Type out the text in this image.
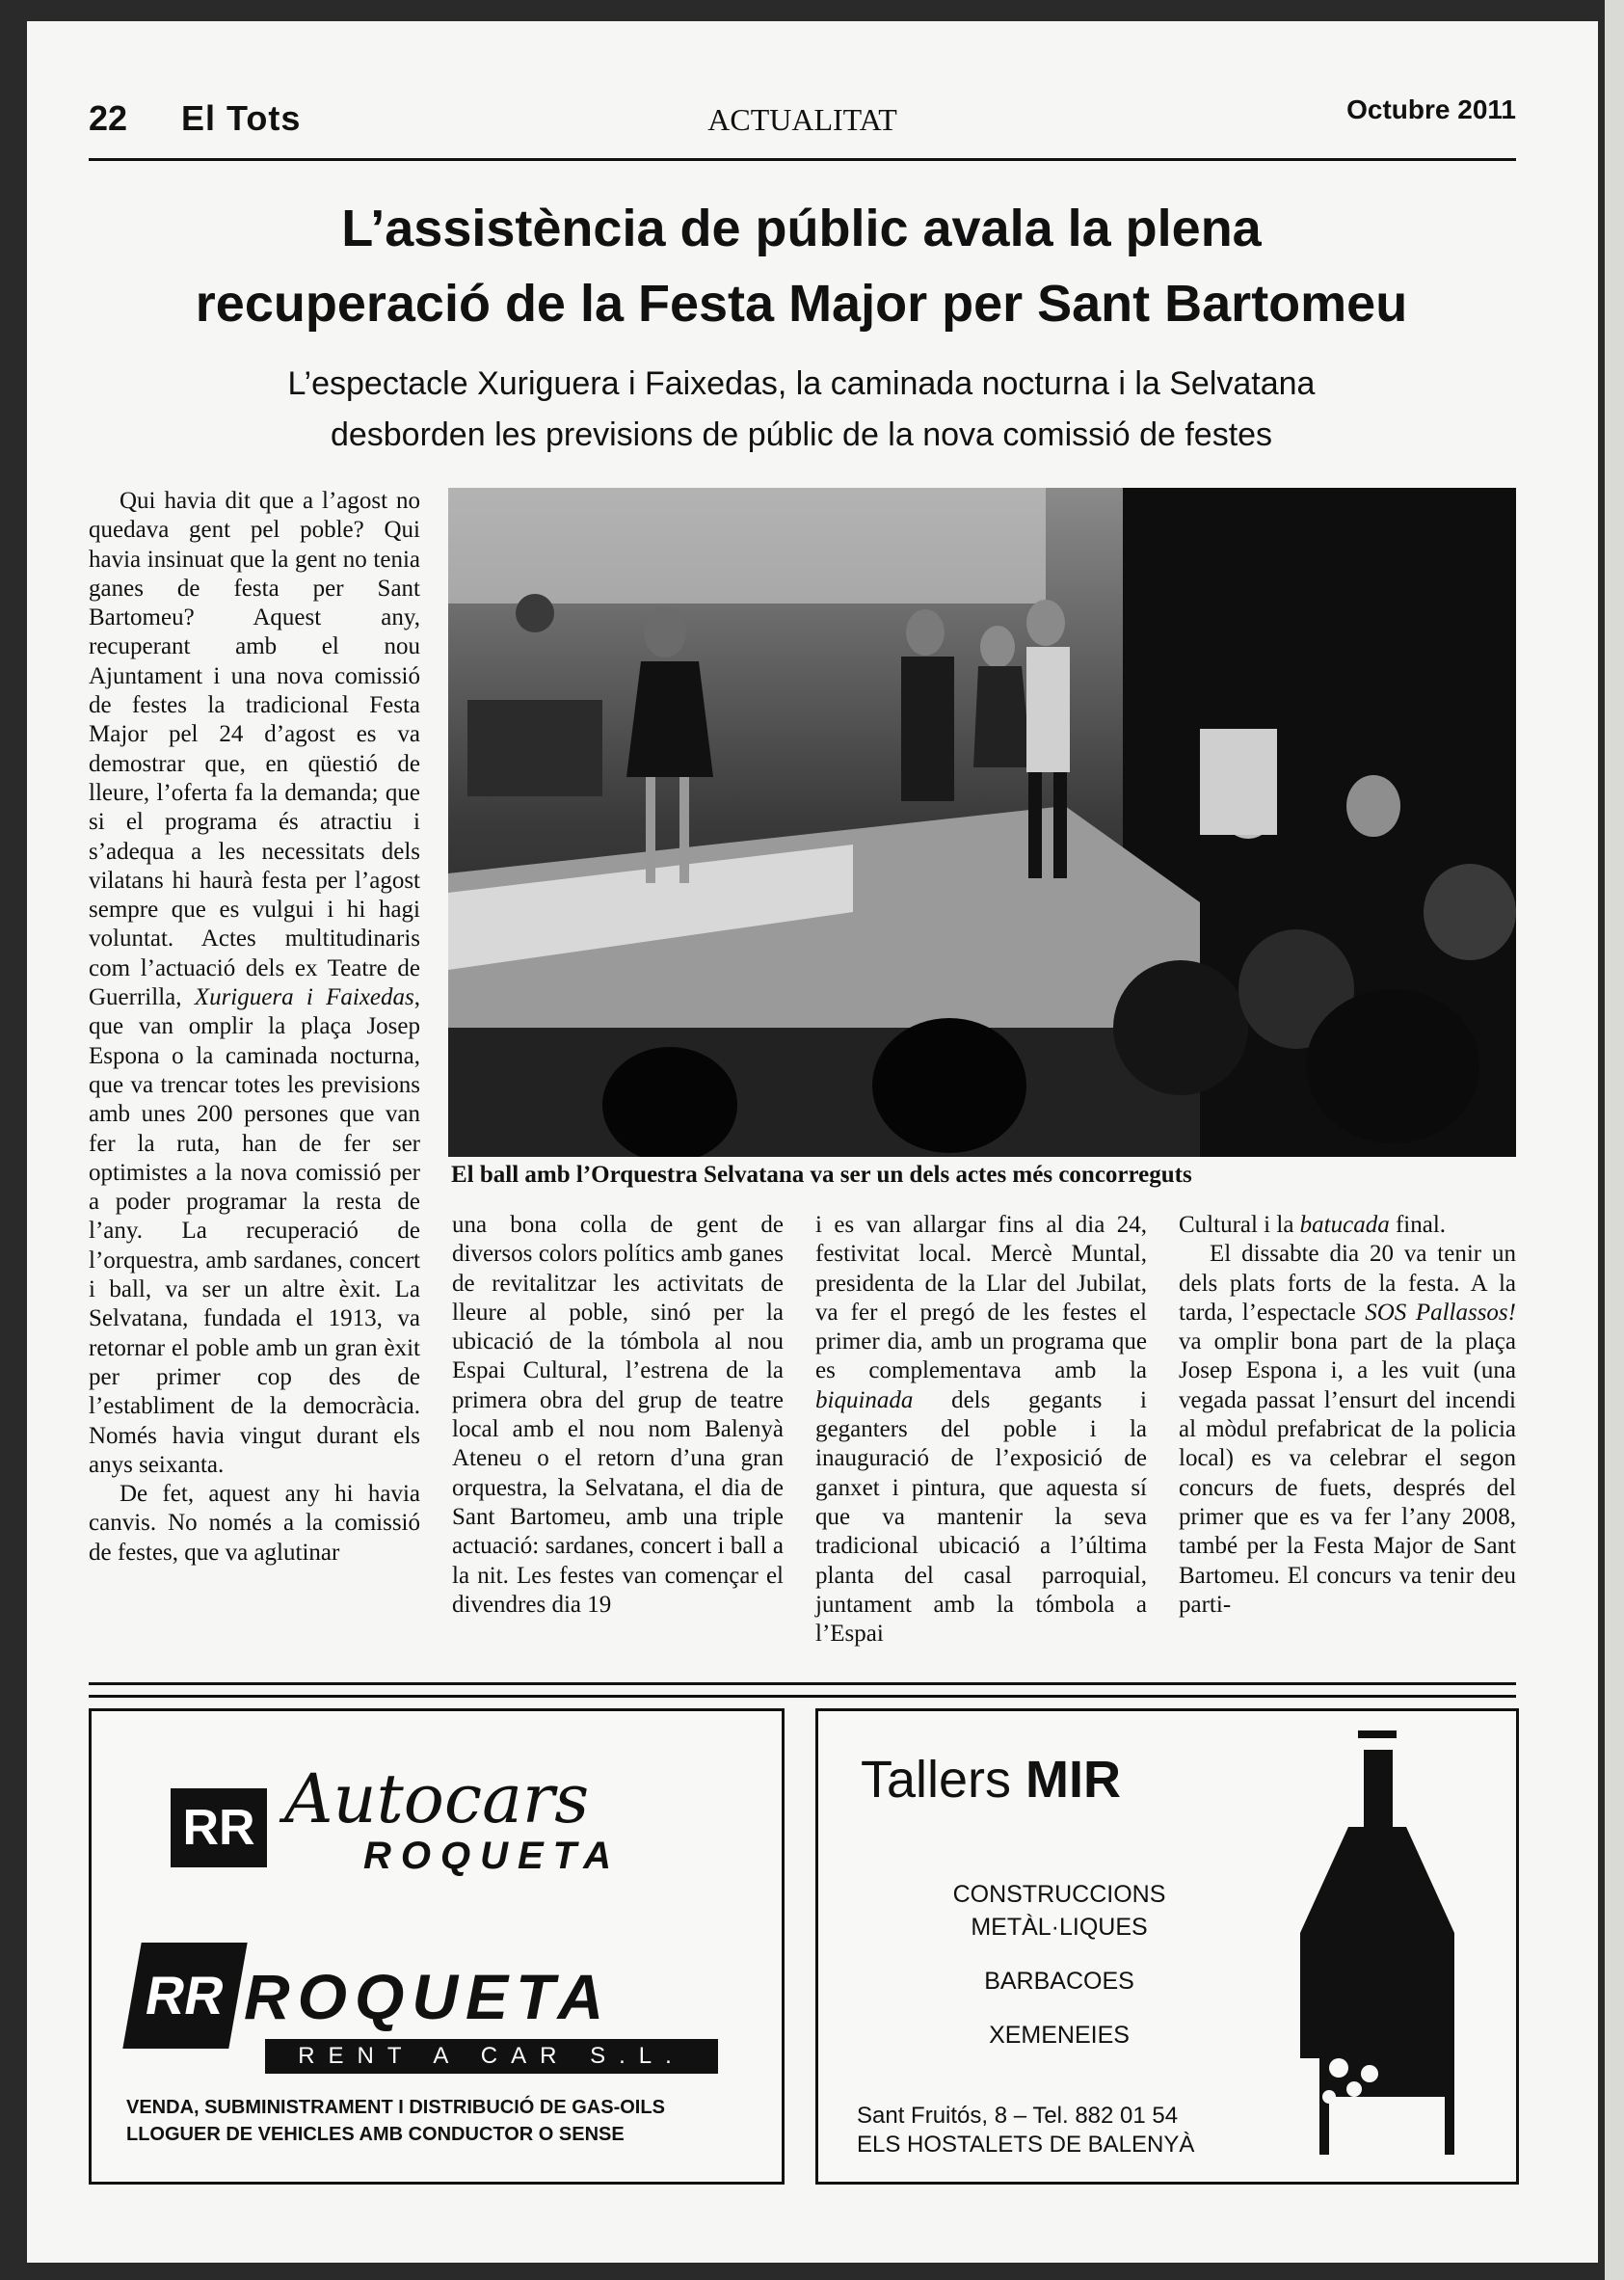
22 El Tots	ACTUALITAT	Octubre 2011
L’assistència de públic avala la plena
recuperació de la Festa Major per Sant Bartomeu
L’espectacle Xuriguera i Faixedas, la caminada nocturna i la Selvatana
desborden les previsions de públic de la nova comissió de festes

Qui havia dit que a l’agost no quedava gent pel poble? Qui havia insinuat que la gent no tenia ganes de festa per Sant Bartomeu? Aquest any, recuperant amb el nou Ajuntament i una nova comissió de festes la tradicional Festa Major pel 24 d’agost es va demostrar que, en qüestió de lleure, l’oferta fa la demanda; que si el programa és atractiu i s’adequa a les necessitats dels vilatans hi haurà festa per l’agost sempre que es vulgui i hi hagi voluntat. Actes multitudinaris com l’actuació dels ex Teatre de Guerrilla, Xuriguera i Faixedas, que van omplir la plaça Josep Espona o la caminada nocturna, que va trencar totes les previsions amb unes 200 persones que van fer la ruta, han de fer ser optimistes a la nova comissió per a poder programar la resta de l’any. La recuperació de l’orquestra, amb sardanes, concert i ball, va ser un altre èxit. La Selvatana, fundada el 1913, va retornar el poble amb un gran èxit per primer cop des de l’establiment de la democràcia. Només havia vingut durant els anys seixanta.

De fet, aquest any hi havia canvis. No només a la comissió de festes, que va aglutinar

El ball amb l’Orquestra Selvatana va ser un dels actes més concorreguts

una bona colla de gent de diversos colors polítics amb ganes de revitalitzar les activitats de lleure al poble, sinó per la ubicació de la tómbola al nou Espai Cultural, l’estrena de la primera obra del grup de teatre local amb el nou nom Balenyà Ateneu o el retorn d’una gran orquestra, la Selvatana, el dia de Sant Bartomeu, amb una triple actuació: sardanes, concert i ball a la nit. Les festes van començar el divendres dia 19

i es van allargar fins al dia 24, festivitat local. Mercè Muntal, presidenta de la Llar del Jubilat, va fer el pregó de les festes el primer dia, amb un programa que es complementava amb la biquinada dels gegants i geganters del poble i la inauguració de l’exposició de ganxet i pintura, que aquesta sí que va mantenir la seva tradicional ubicació a l’última planta del casal parroquial, juntament amb la tómbola a l’Espai

Cultural i la batucada final.

El dissabte dia 20 va tenir un dels plats forts de la festa. A la tarda, l’espectacle SOS Pallassos! va omplir bona part de la plaça Josep Espona i, a les vuit (una vegada passat l’ensurt del incendi al mòdul prefabricat de la policia local) es va celebrar el segon concurs de fuets, després del primer que es va fer l’any 2008, també per la Festa Major de Sant Bartomeu. El concurs va tenir deu parti-

RR Autocars
ROQUETA
RR ROQUETA
RENT A CAR S.L.
VENDA, SUBMINISTRAMENT I DISTRIBUCIÓ DE GAS-OILS
LLOGUER DE VEHICLES AMB CONDUCTOR O SENSE
Tallers MIR
CONSTRUCCIONS
METÀL·LIQUES
BARBACOES
XEMENEIES
Sant Fruitós, 8 – Tel. 882 01 54
ELS HOSTALETS DE BALENYÀ
